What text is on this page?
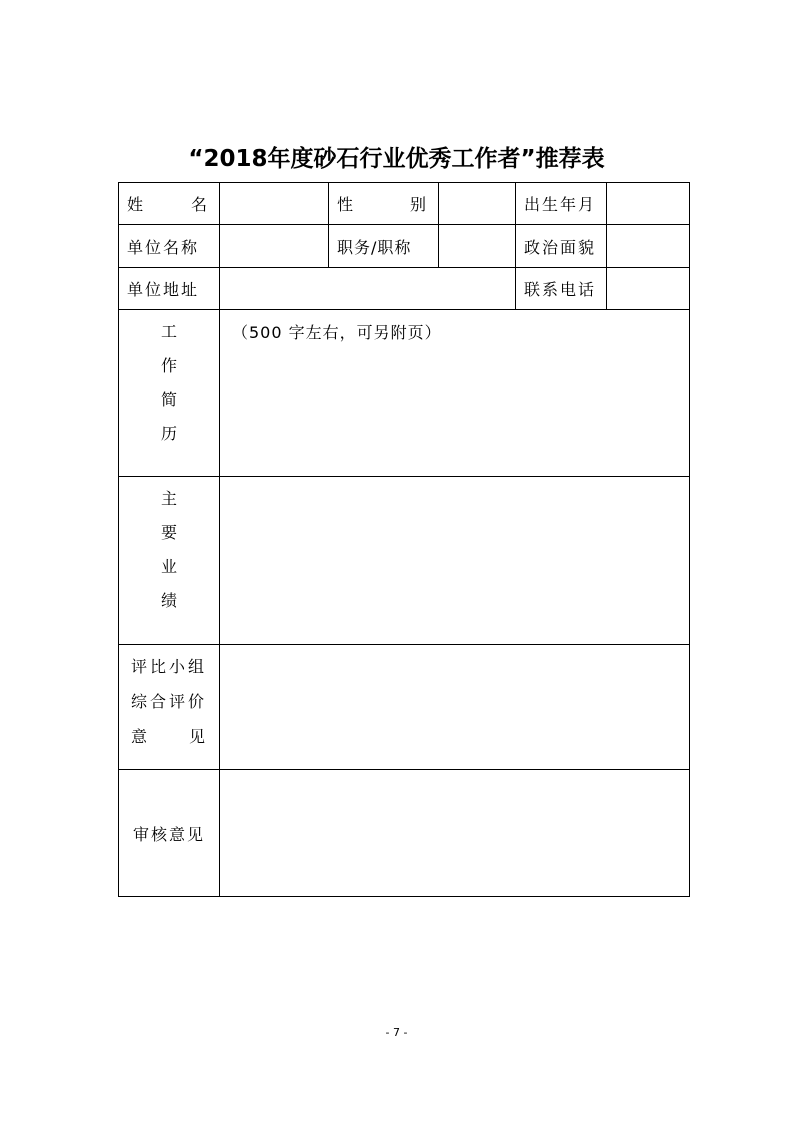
“2018年度砂石行业优秀工作者”推荐表
姓 名		性 别		出生年月	
单位名称		职务/职称		政治面貌	
单位地址				联系电话	

工
作
简
历	（500 字左右，可另附页）				

主
要
业
绩					

评比小组
综合评价
意 见					

审核意见					
- 7 -
